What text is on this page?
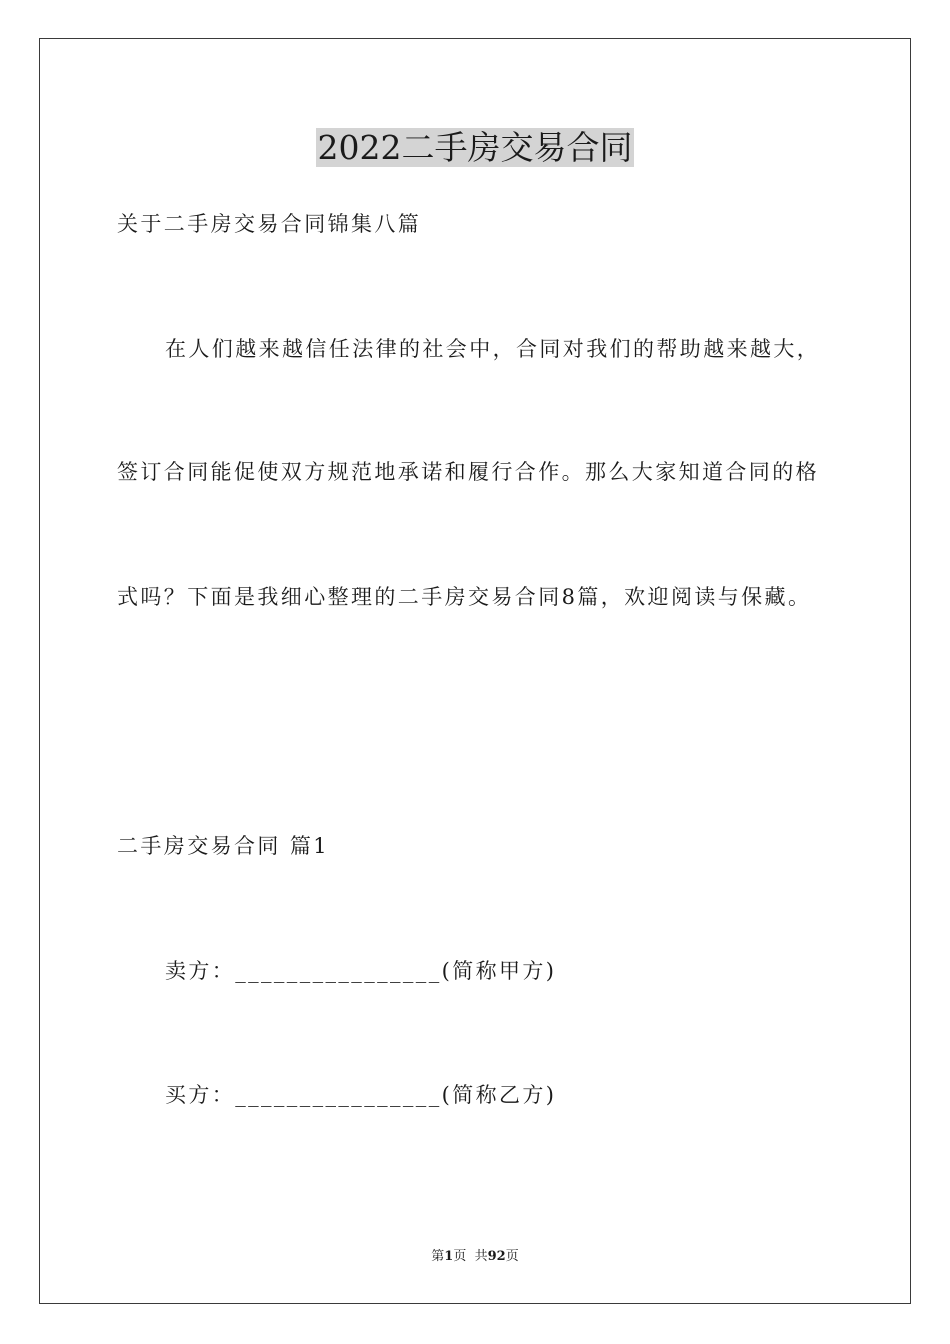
2022二手房交易合同
关于二手房交易合同锦集八篇
在人们越来越信任法律的社会中，合同对我们的帮助越来越大，
签订合同能促使双方规范地承诺和履行合作。那么大家知道合同的格
式吗？下面是我细心整理的二手房交易合同8篇，欢迎阅读与保藏。
二手房交易合同 篇1
卖方：________________(简称甲方)
买方：________________(简称乙方)
第1页  共92页
